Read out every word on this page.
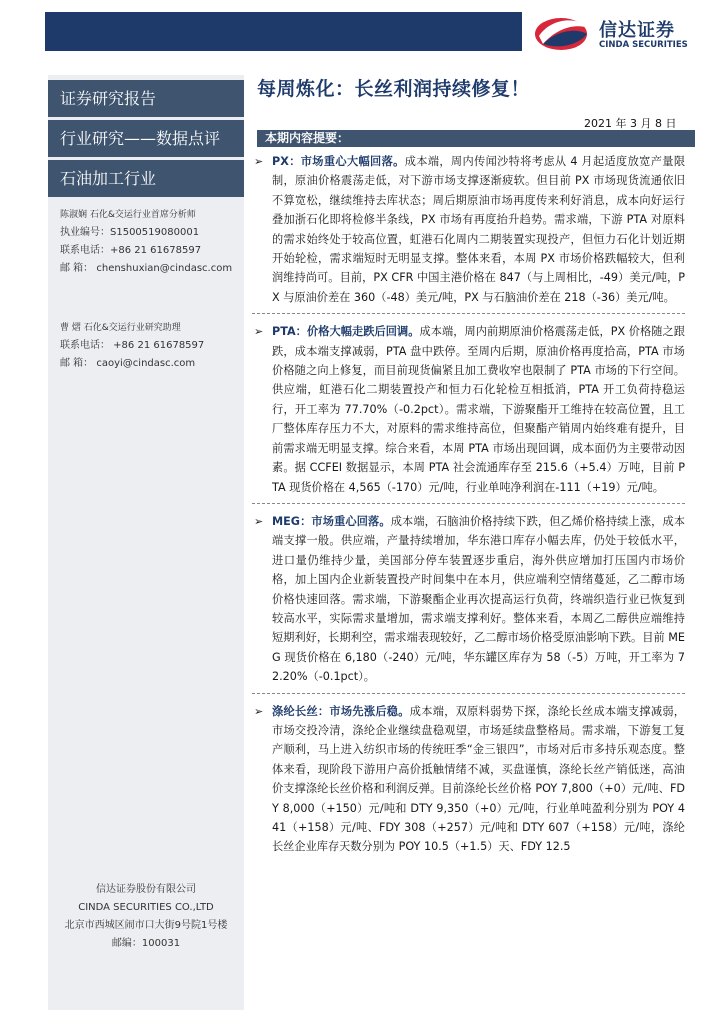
信达证券
CINDA SECURITIES
证券研究报告
行业研究——数据点评
石油加工行业
陈淑娴 石化&交运行业首席分析师
执业编号：S1500519080001
联系电话：+86 21 61678597
邮 箱： chenshuxian@cindasc.com
曹 熠 石化&交运行业研究助理
联系电话： +86 21 61678597
邮 箱： caoyi@cindasc.com
信达证券股份有限公司
CINDA SECURITIES CO.,LTD
北京市西城区闹市口大街9号院1号楼
邮编：100031
每周炼化：长丝利润持续修复！
2021 年 3 月 8 日
本期内容提要：
➢ PX：市场重心大幅回落。成本端，周内传闻沙特将考虑从 4 月起适度放宽产量限制，原油价格震荡走低，对下游市场支撑逐渐疲软。但目前 PX 市场现货流通依旧不算宽松，继续维持去库状态；周后期原油市场再度传来利好消息，成本向好运行叠加浙石化即将检修半条线，PX 市场有再度抬升趋势。需求端，下游 PTA 对原料的需求始终处于较高位置，虹港石化周内二期装置实现投产，但恒力石化计划近期开始轮检，需求端短时无明显支撑。整体来看，本周 PX 市场价格跌幅较大，但利润维持尚可。目前，PX CFR 中国主港价格在 847（与上周相比，-49）美元/吨，PX 与原油价差在 360（-48）美元/吨，PX 与石脑油价差在 218（-36）美元/吨。
➢ PTA：价格大幅走跌后回调。成本端，周内前期原油价格震荡走低，PX 价格随之跟跌，成本端支撑减弱，PTA 盘中跌停。至周内后期，原油价格再度拾高，PTA 市场价格随之向上修复，而目前现货偏紧且加工费收窄也限制了 PTA 市场的下行空间。供应端，虹港石化二期装置投产和恒力石化轮检互相抵消，PTA 开工负荷持稳运行，开工率为 77.70%（-0.2pct）。需求端，下游聚酯开工维持在较高位置，且工厂整体库存压力不大，对原料的需求维持高位，但聚酯产销周内始终难有提升，目前需求端无明显支撑。综合来看，本周 PTA 市场出现回调，成本面仍为主要带动因素。据 CCFEI 数据显示，本周 PTA 社会流通库存至 215.6（+5.4）万吨，目前 PTA 现货价格在 4,565（-170）元/吨，行业单吨净利润在-111（+19）元/吨。
➢ MEG：市场重心回落。成本端，石脑油价格持续下跌，但乙烯价格持续上涨，成本端支撑一般。供应端，产量持续增加，华东港口库存小幅去库，仍处于较低水平，进口量仍维持少量，美国部分停车装置逐步重启，海外供应增加打压国内市场价格，加上国内企业新装置投产时间集中在本月，供应端利空情绪蔓延，乙二醇市场价格快速回落。需求端，下游聚酯企业再次提高运行负荷，终端织造行业已恢复到较高水平，实际需求量增加，需求端支撑利好。整体来看，本周乙二醇供应端维持短期利好，长期利空，需求端表现较好，乙二醇市场价格受原油影响下跌。目前 MEG 现货价格在 6,180（-240）元/吨，华东罐区库存为 58（-5）万吨，开工率为 72.20%（-0.1pct）。
➢ 涤纶长丝：市场先涨后稳。成本端，双原料弱势下探，涤纶长丝成本端支撑减弱，市场交投冷清，涤纶企业继续盘稳观望，市场延续盘整格局。需求端，下游复工复产顺利，马上进入纺织市场的传统旺季“金三银四”，市场对后市多持乐观态度。整体来看，现阶段下游用户高价抵触情绪不减，买盘谨慎，涤纶长丝产销低迷，高油价支撑涤纶长丝价格和利润反弹。目前涤纶长丝价格 POY 7,800（+0）元/吨、FDY 8,000（+150）元/吨和 DTY 9,350（+0）元/吨，行业单吨盈利分别为 POY 441（+158）元/吨、FDY 308（+257）元/吨和 DTY 607（+158）元/吨，涤纶长丝企业库存天数分别为 POY 10.5（+1.5）天、FDY 12.5
